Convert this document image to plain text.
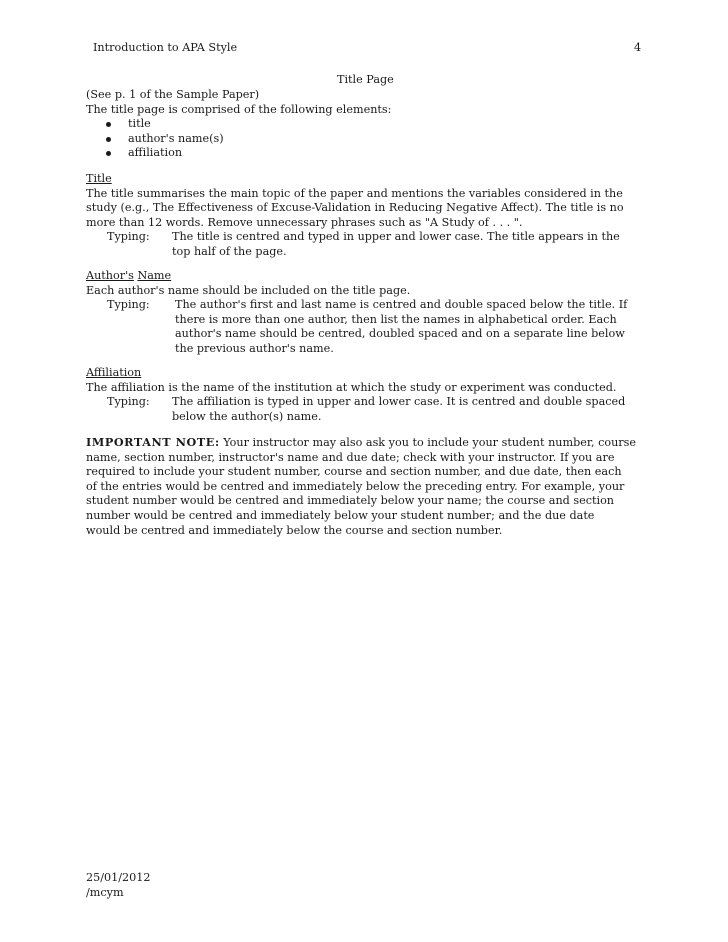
Introduction to APA Style	4
Title Page

(See p. 1 of the Sample Paper)

The title page is comprised of the following elements:

title
author's name(s)
affiliation

Title

The title summarises the main topic of the paper and mentions the variables considered in the

study (e.g., The Effectiveness of Excuse-Validation in Reducing Negative Affect). The title is no

more than 12 words. Remove unnecessary phrases such as "A Study of . . . ".

Typing: The title is centred and typed in upper and lower case. The title appears in the

top half of the page.

Author's Name

Each author's name should be included on the title page.

Typing: The author's first and last name is centred and double spaced below the title. If

there is more than one author, then list the names in alphabetical order. Each

author's name should be centred, doubled spaced and on a separate line below

the previous author's name.

Affiliation

The affiliation is the name of the institution at which the study or experiment was conducted.

Typing: The affiliation is typed in upper and lower case. It is centred and double spaced

below the author(s) name.

IMPORTANT NOTE: Your instructor may also ask you to include your student number, course

name, section number, instructor's name and due date; check with your instructor. If you are

required to include your student number, course and section number, and due date, then each

of the entries would be centred and immediately below the preceding entry. For example, your

student number would be centred and immediately below your name; the course and section

number would be centred and immediately below your student number; and the due date

would be centred and immediately below the course and section number.

25/01/2012

/mcym
